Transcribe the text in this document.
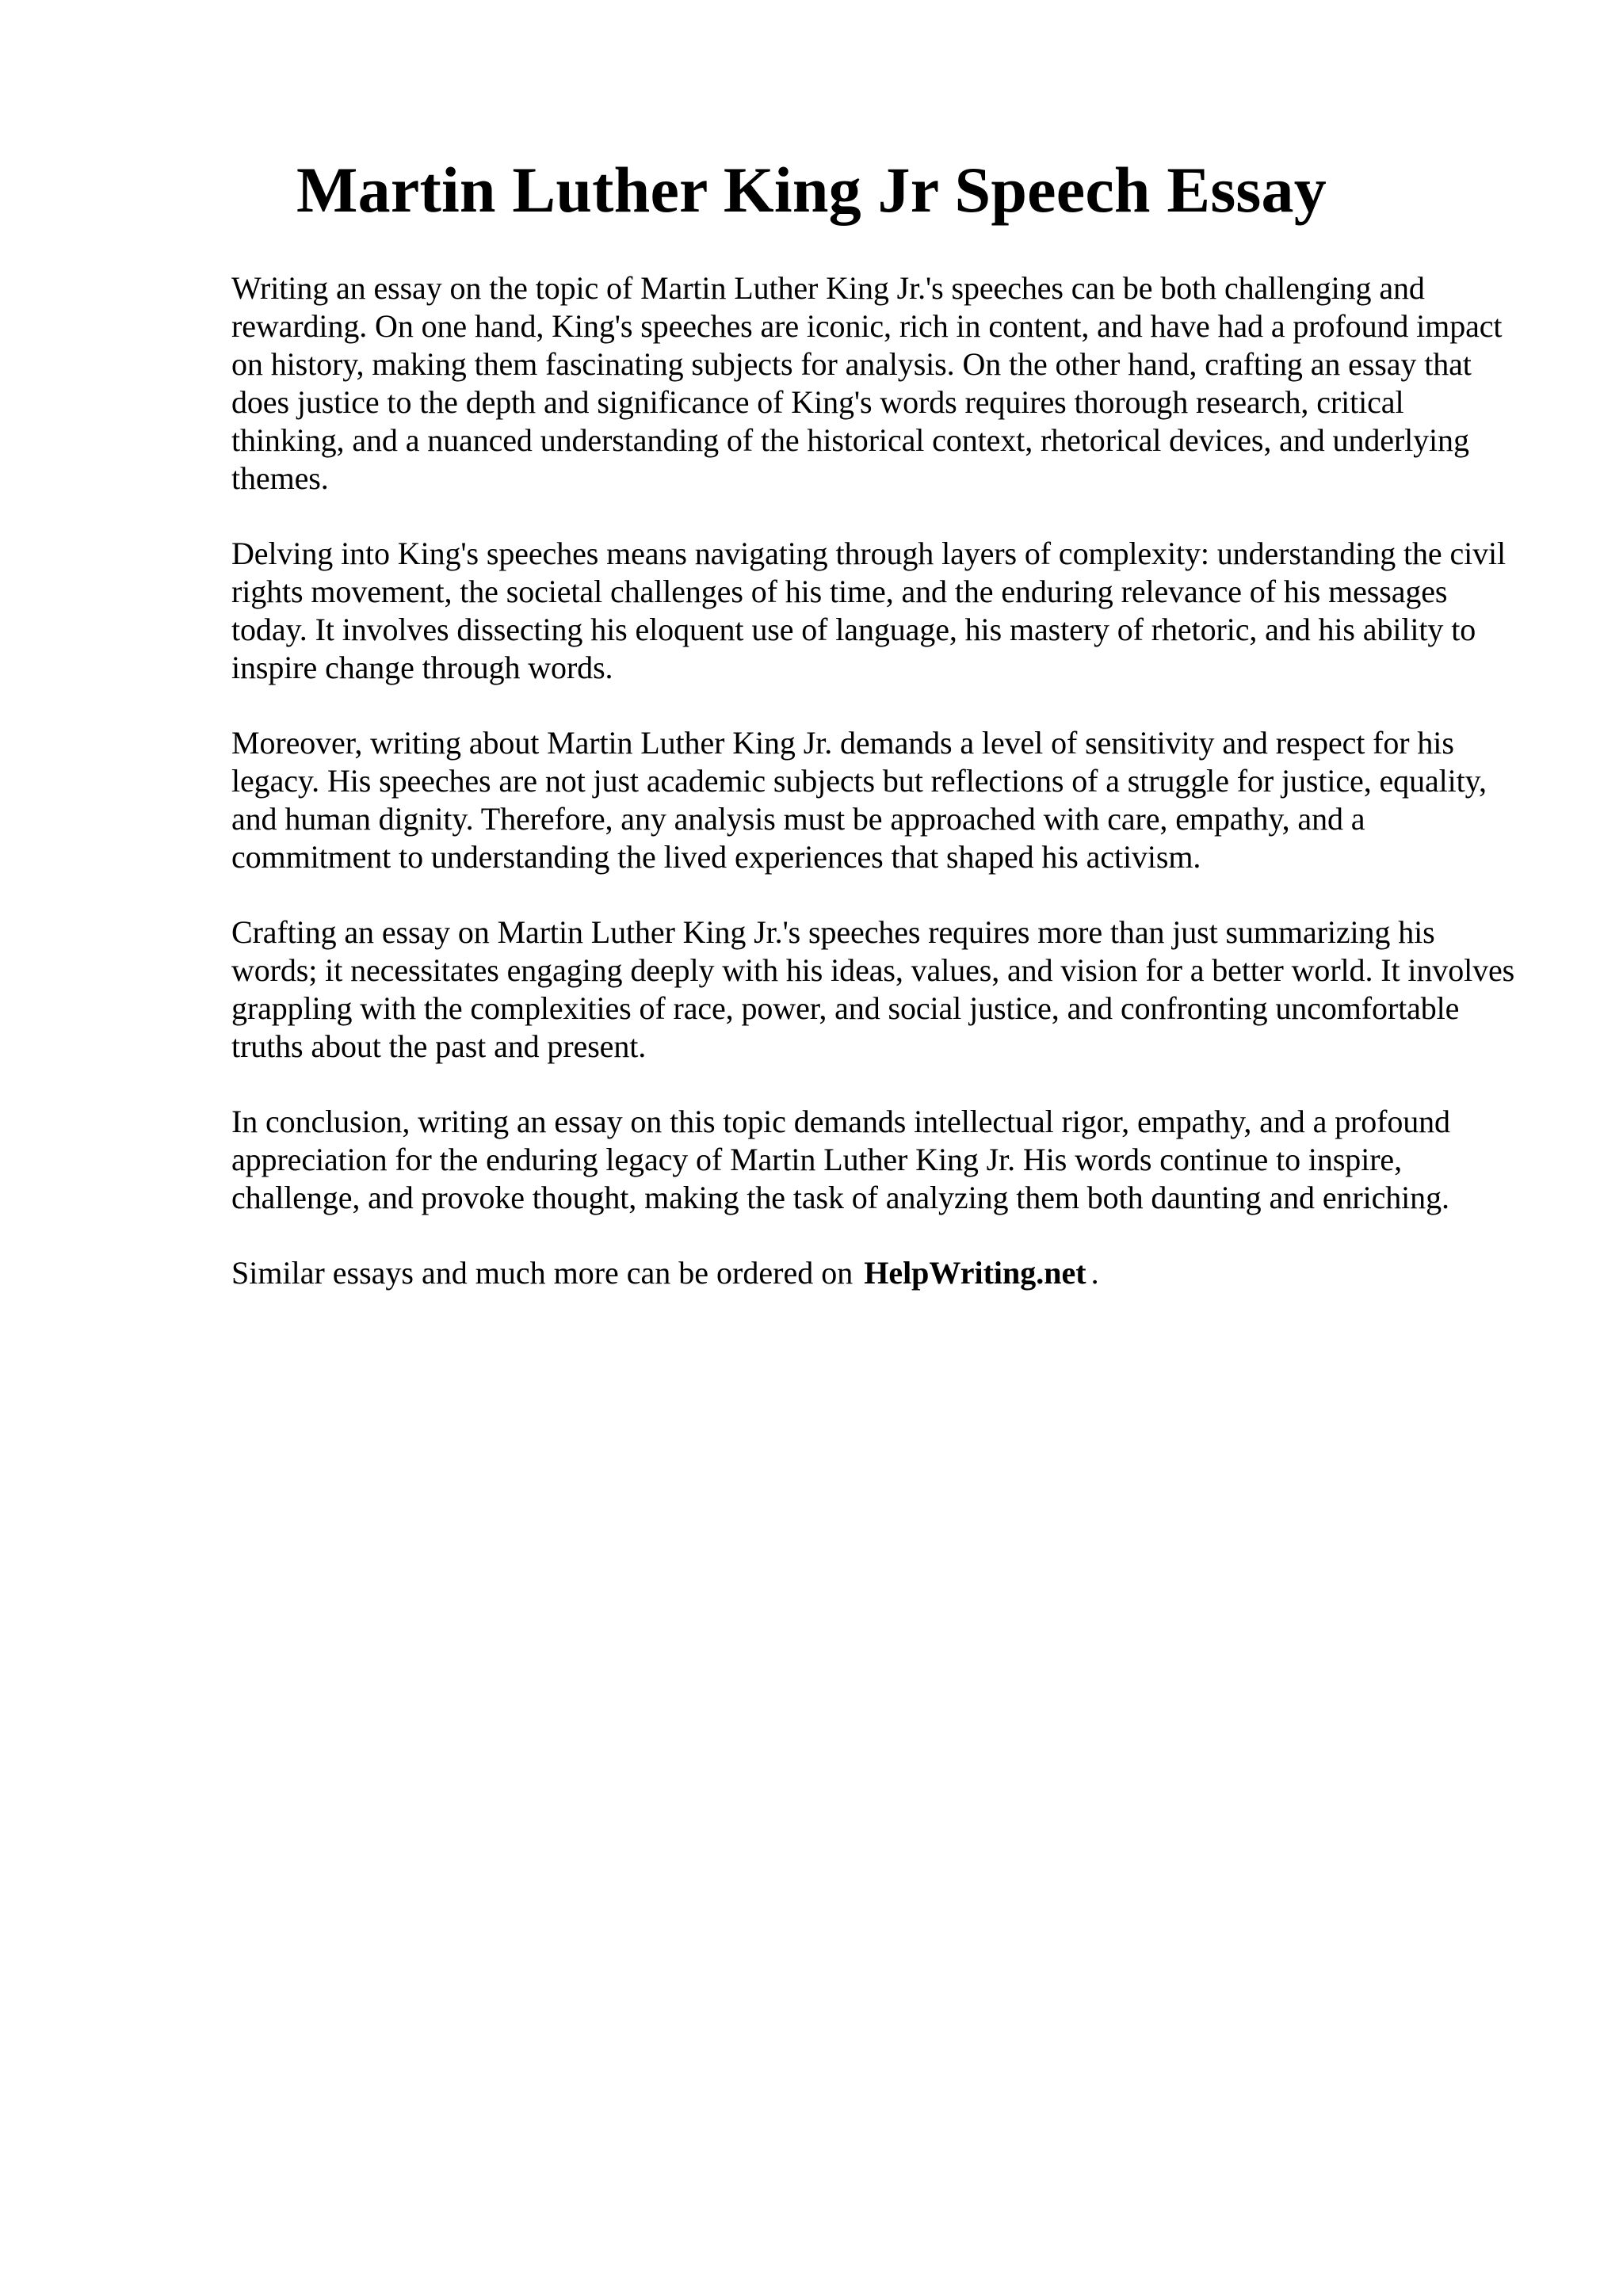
Martin Luther King Jr Speech Essay

Writing an essay on the topic of Martin Luther King Jr.'s speeches can be both challenging and rewarding. On one hand, King's speeches are iconic, rich in content, and have had a profound impact on history, making them fascinating subjects for analysis. On the other hand, crafting an essay that does justice to the depth and significance of King's words requires thorough research, critical thinking, and a nuanced understanding of the historical context, rhetorical devices, and underlying themes.

Delving into King's speeches means navigating through layers of complexity: understanding the civil rights movement, the societal challenges of his time, and the enduring relevance of his messages today. It involves dissecting his eloquent use of language, his mastery of rhetoric, and his ability to inspire change through words.

Moreover, writing about Martin Luther King Jr. demands a level of sensitivity and respect for his legacy. His speeches are not just academic subjects but reflections of a struggle for justice, equality, and human dignity. Therefore, any analysis must be approached with care, empathy, and a commitment to understanding the lived experiences that shaped his activism.

Crafting an essay on Martin Luther King Jr.'s speeches requires more than just summarizing his words; it necessitates engaging deeply with his ideas, values, and vision for a better world. It involves grappling with the complexities of race, power, and social justice, and confronting uncomfortable truths about the past and present.

In conclusion, writing an essay on this topic demands intellectual rigor, empathy, and a profound appreciation for the enduring legacy of Martin Luther King Jr. His words continue to inspire, challenge, and provoke thought, making the task of analyzing them both daunting and enriching.

Similar essays and much more can be ordered on HelpWriting.net .
